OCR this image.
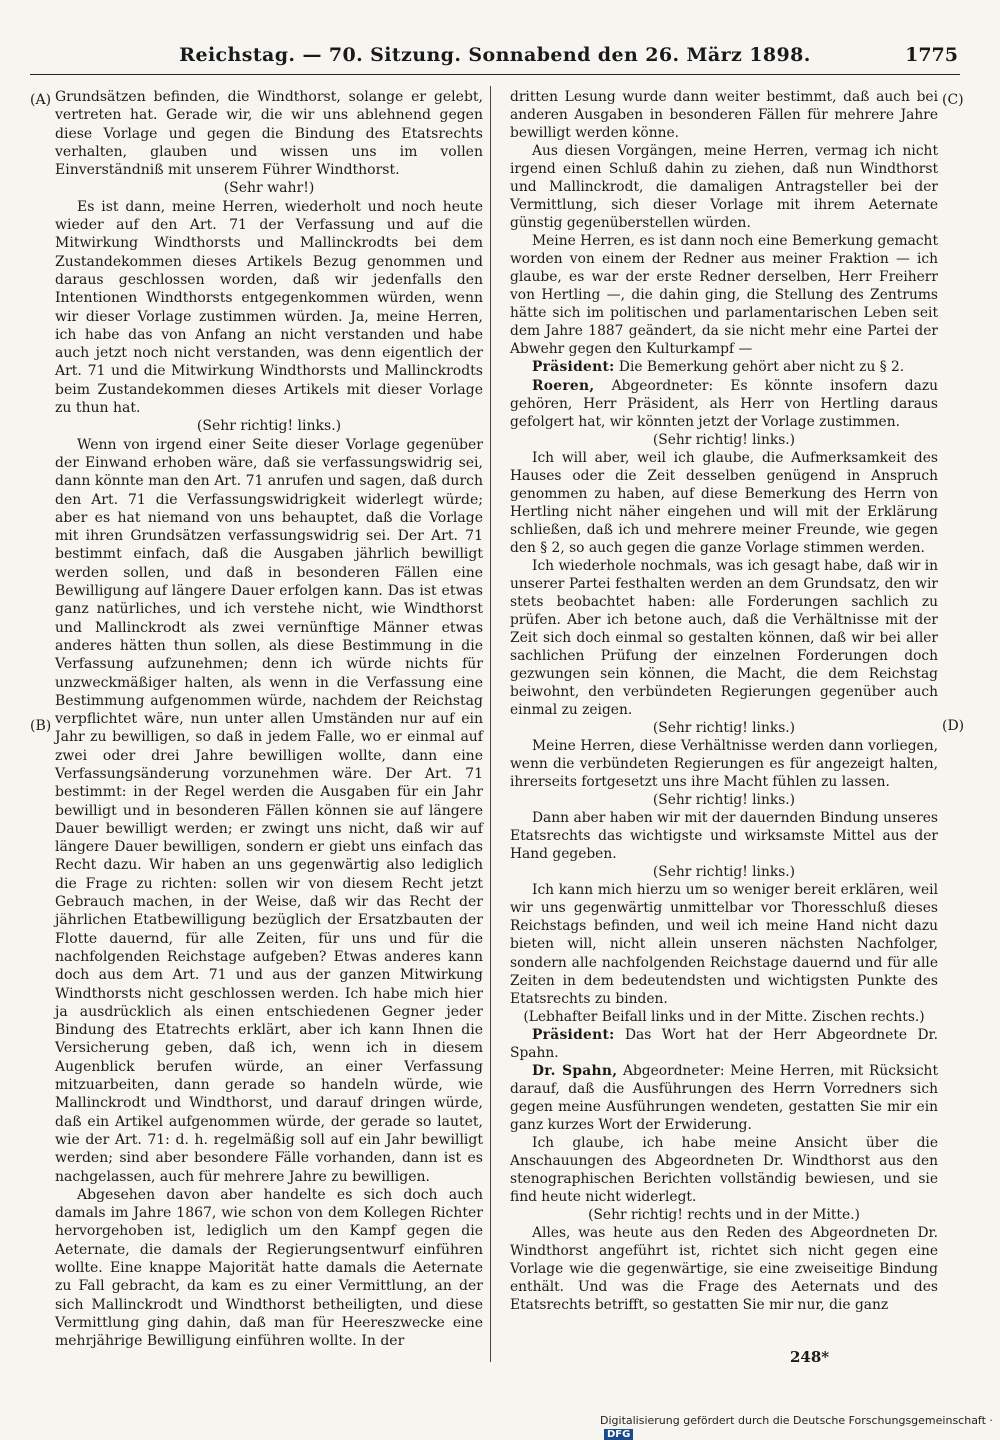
Reichstag. — 70. Sitzung. Sonnabend den 26. März 1898.	1775
(A)
(B)
(C)
(D)

Grundsätzen befinden, die Windthorst, solange er gelebt, vertreten hat. Gerade wir, die wir uns ablehnend gegen diese Vorlage und gegen die Bindung des Etatsrechts verhalten, glauben und wissen uns im vollen Einverständniß mit unserem Führer Windthorst.

(Sehr wahr!)

Es ist dann, meine Herren, wiederholt und noch heute wieder auf den Art. 71 der Verfassung und auf die Mitwirkung Windthorsts und Mallinckrodts bei dem Zustandekommen dieses Artikels Bezug genommen und daraus geschlossen worden, daß wir jedenfalls den Intentionen Windthorsts entgegenkommen würden, wenn wir dieser Vorlage zustimmen würden. Ja, meine Herren, ich habe das von Anfang an nicht verstanden und habe auch jetzt noch nicht verstanden, was denn eigentlich der Art. 71 und die Mitwirkung Windthorsts und Mallinckrodts beim Zustandekommen dieses Artikels mit dieser Vorlage zu thun hat.

(Sehr richtig! links.)

Wenn von irgend einer Seite dieser Vorlage gegenüber der Einwand erhoben wäre, daß sie verfassungswidrig sei, dann könnte man den Art. 71 anrufen und sagen, daß durch den Art. 71 die Verfassungswidrigkeit widerlegt würde; aber es hat niemand von uns behauptet, daß die Vorlage mit ihren Grundsätzen verfassungswidrig sei. Der Art. 71 bestimmt einfach, daß die Ausgaben jährlich bewilligt werden sollen, und daß in besonderen Fällen eine Bewilligung auf längere Dauer erfolgen kann. Das ist etwas ganz natürliches, und ich verstehe nicht, wie Windthorst und Mallinckrodt als zwei vernünftige Männer etwas anderes hätten thun sollen, als diese Bestimmung in die Verfassung aufzunehmen; denn ich würde nichts für unzweckmäßiger halten, als wenn in die Verfassung eine Bestimmung aufgenommen würde, nachdem der Reichstag verpflichtet wäre, nun unter allen Umständen nur auf ein Jahr zu bewilligen, so daß in jedem Falle, wo er einmal auf zwei oder drei Jahre bewilligen wollte, dann eine Verfassungsänderung vorzunehmen wäre. Der Art. 71 bestimmt: in der Regel werden die Ausgaben für ein Jahr bewilligt und in besonderen Fällen können sie auf längere Dauer bewilligt werden; er zwingt uns nicht, daß wir auf längere Dauer bewilligen, sondern er giebt uns einfach das Recht dazu. Wir haben an uns gegenwärtig also lediglich die Frage zu richten: sollen wir von diesem Recht jetzt Gebrauch machen, in der Weise, daß wir das Recht der jährlichen Etatbewilligung bezüglich der Ersatzbauten der Flotte dauernd, für alle Zeiten, für uns und für die nachfolgenden Reichstage aufgeben? Etwas anderes kann doch aus dem Art. 71 und aus der ganzen Mitwirkung Windthorsts nicht geschlossen werden. Ich habe mich hier ja ausdrücklich als einen entschiedenen Gegner jeder Bindung des Etatrechts erklärt, aber ich kann Ihnen die Versicherung geben, daß ich, wenn ich in diesem Augenblick berufen würde, an einer Verfassung mitzuarbeiten, dann gerade so handeln würde, wie Mallinckrodt und Windthorst, und darauf dringen würde, daß ein Artikel aufgenommen würde, der gerade so lautet, wie der Art. 71: d. h. regelmäßig soll auf ein Jahr bewilligt werden; sind aber besondere Fälle vorhanden, dann ist es nachgelassen, auch für mehrere Jahre zu bewilligen.

Abgesehen davon aber handelte es sich doch auch damals im Jahre 1867, wie schon von dem Kollegen Richter hervorgehoben ist, lediglich um den Kampf gegen die Aeternate, die damals der Regierungsentwurf einführen wollte. Eine knappe Majorität hatte damals die Aeternate zu Fall gebracht, da kam es zu einer Vermittlung, an der sich Mallinckrodt und Windthorst betheiligten, und diese Vermittlung ging dahin, daß man für Heereszwecke eine mehrjährige Bewilligung einführen wollte. In der

dritten Lesung wurde dann weiter bestimmt, daß auch bei anderen Ausgaben in besonderen Fällen für mehrere Jahre bewilligt werden könne.

Aus diesen Vorgängen, meine Herren, vermag ich nicht irgend einen Schluß dahin zu ziehen, daß nun Windthorst und Mallinckrodt, die damaligen Antragsteller bei der Vermittlung, sich dieser Vorlage mit ihrem Aeternate günstig gegenüberstellen würden.

Meine Herren, es ist dann noch eine Bemerkung gemacht worden von einem der Redner aus meiner Fraktion — ich glaube, es war der erste Redner derselben, Herr Freiherr von Hertling —, die dahin ging, die Stellung des Zentrums hätte sich im politischen und parlamentarischen Leben seit dem Jahre 1887 geändert, da sie nicht mehr eine Partei der Abwehr gegen den Kulturkampf —

Präsident: Die Bemerkung gehört aber nicht zu § 2.

Roeren, Abgeordneter: Es könnte insofern dazu gehören, Herr Präsident, als Herr von Hertling daraus gefolgert hat, wir könnten jetzt der Vorlage zustimmen.

(Sehr richtig! links.)

Ich will aber, weil ich glaube, die Aufmerksamkeit des Hauses oder die Zeit desselben genügend in Anspruch genommen zu haben, auf diese Bemerkung des Herrn von Hertling nicht näher eingehen und will mit der Erklärung schließen, daß ich und mehrere meiner Freunde, wie gegen den § 2, so auch gegen die ganze Vorlage stimmen werden.

Ich wiederhole nochmals, was ich gesagt habe, daß wir in unserer Partei festhalten werden an dem Grundsatz, den wir stets beobachtet haben: alle Forderungen sachlich zu prüfen. Aber ich betone auch, daß die Verhältnisse mit der Zeit sich doch einmal so gestalten können, daß wir bei aller sachlichen Prüfung der einzelnen Forderungen doch gezwungen sein können, die Macht, die dem Reichstag beiwohnt, den verbündeten Regierungen gegenüber auch einmal zu zeigen.

(Sehr richtig! links.)

Meine Herren, diese Verhältnisse werden dann vorliegen, wenn die verbündeten Regierungen es für angezeigt halten, ihrerseits fortgesetzt uns ihre Macht fühlen zu lassen.

(Sehr richtig! links.)

Dann aber haben wir mit der dauernden Bindung unseres Etatsrechts das wichtigste und wirksamste Mittel aus der Hand gegeben.

(Sehr richtig! links.)

Ich kann mich hierzu um so weniger bereit erklären, weil wir uns gegenwärtig unmittelbar vor Thoresschluß dieses Reichstags befinden, und weil ich meine Hand nicht dazu bieten will, nicht allein unseren nächsten Nachfolger, sondern alle nachfolgenden Reichstage dauernd und für alle Zeiten in dem bedeutendsten und wichtigsten Punkte des Etatsrechts zu binden.

(Lebhafter Beifall links und in der Mitte. Zischen rechts.)

Präsident: Das Wort hat der Herr Abgeordnete Dr. Spahn.

Dr. Spahn, Abgeordneter: Meine Herren, mit Rücksicht darauf, daß die Ausführungen des Herrn Vorredners sich gegen meine Ausführungen wendeten, gestatten Sie mir ein ganz kurzes Wort der Erwiderung.

Ich glaube, ich habe meine Ansicht über die Anschauungen des Abgeordneten Dr. Windthorst aus den stenographischen Berichten vollständig bewiesen, und sie find heute nicht widerlegt.

(Sehr richtig! rechts und in der Mitte.)

Alles, was heute aus den Reden des Abgeordneten Dr. Windthorst angeführt ist, richtet sich nicht gegen eine Vorlage wie die gegenwärtige, sie eine zweiseitige Bindung enthält. Und was die Frage des Aeternats und des Etatsrechts betrifft, so gestatten Sie mir nur, die ganz

248*
Digitalisierung gefördert durch die Deutsche Forschungsgemeinschaft ·DFG
